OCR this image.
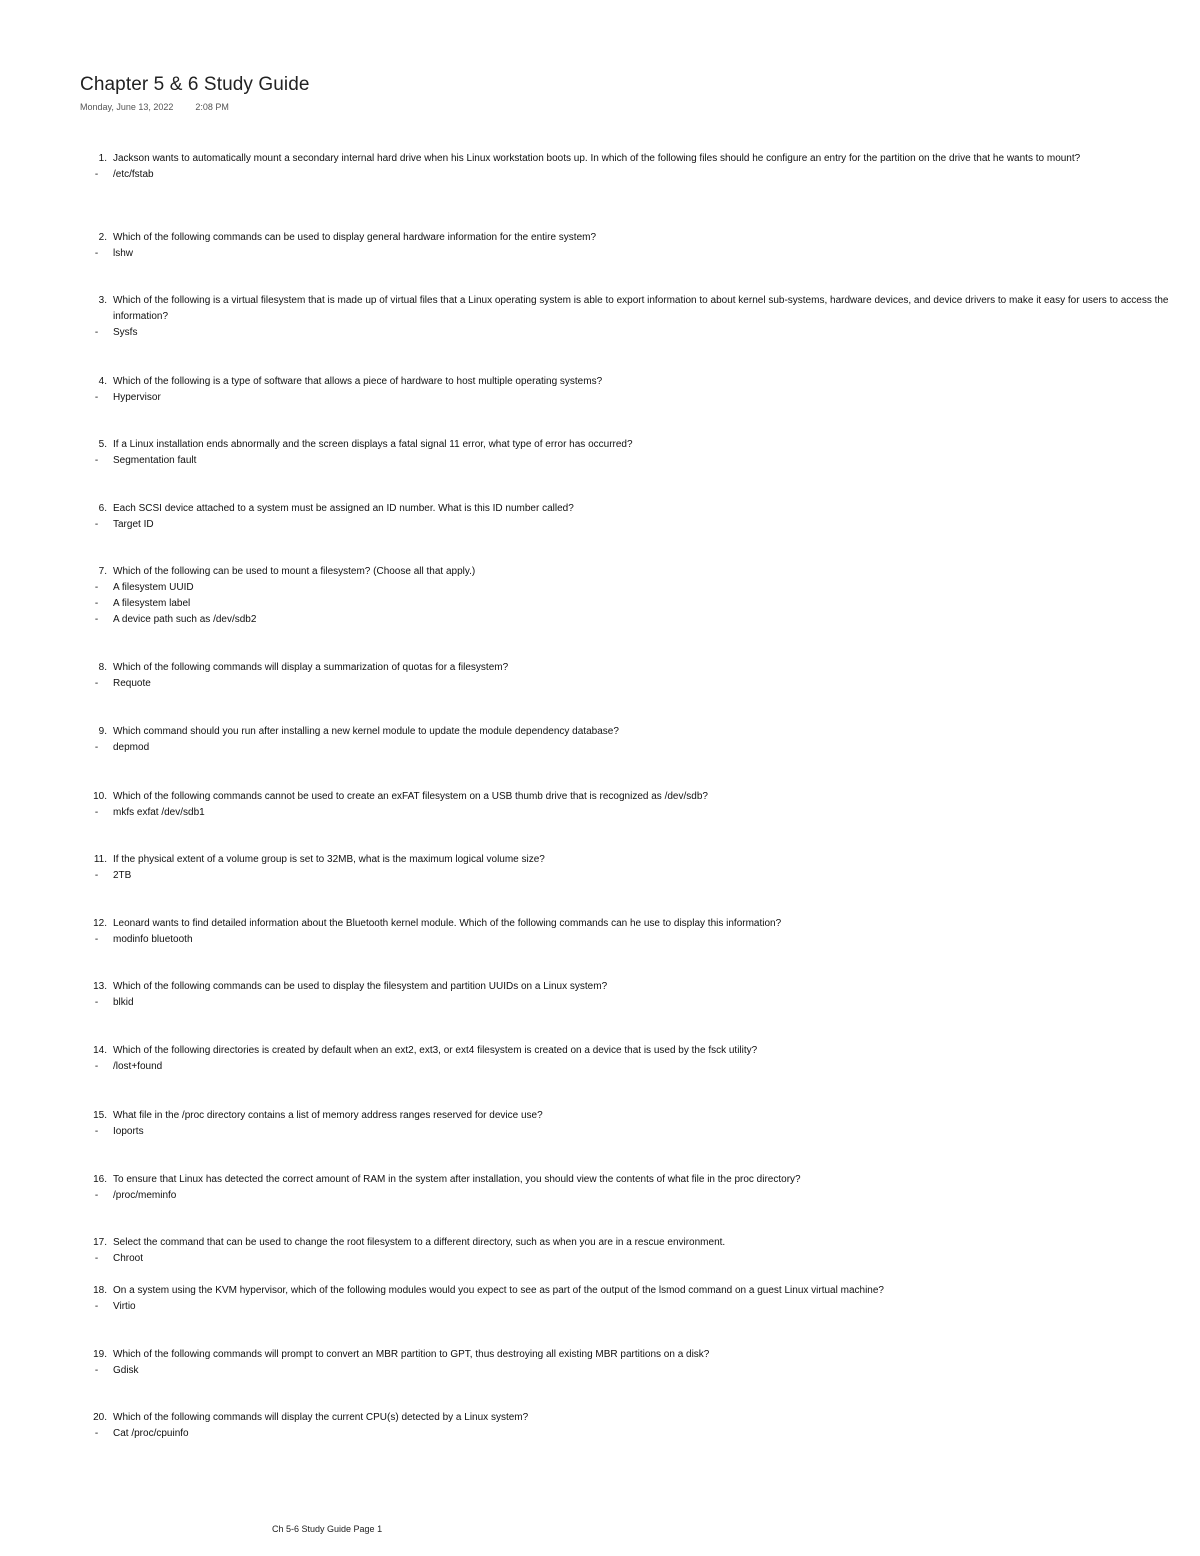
Chapter 5 & 6 Study Guide
Monday, June 13, 2022 2:08 PM
1. Jackson wants to automatically mount a secondary internal hard drive when his Linux workstation boots up. In which of the following files should he configure an entry for the partition on the drive that he wants to mount?
-	/etc/fstab
2. Which of the following commands can be used to display general hardware information for the entire system?
-	lshw
3. Which of the following is a virtual filesystem that is made up of virtual files that a Linux operating system is able to export information to about kernel sub-systems, hardware devices, and device drivers to make it easy for users to access the information?
-	Sysfs
4. Which of the following is a type of software that allows a piece of hardware to host multiple operating systems?
-	Hypervisor
5. If a Linux installation ends abnormally and the screen displays a fatal signal 11 error, what type of error has occurred?
-	Segmentation fault
6. Each SCSI device attached to a system must be assigned an ID number. What is this ID number called?
-	Target ID
7. Which of the following can be used to mount a filesystem? (Choose all that apply.)
-	A filesystem UUID
-	A filesystem label
-	A device path such as /dev/sdb2
8. Which of the following commands will display a summarization of quotas for a filesystem?
-	Requote
9. Which command should you run after installing a new kernel module to update the module dependency database?
-	depmod
10. Which of the following commands cannot be used to create an exFAT filesystem on a USB thumb drive that is recognized as /dev/sdb?
-	mkfs exfat /dev/sdb1
11. If the physical extent of a volume group is set to 32MB, what is the maximum logical volume size?
-	2TB
12. Leonard wants to find detailed information about the Bluetooth kernel module. Which of the following commands can he use to display this information?
-	modinfo bluetooth
13. Which of the following commands can be used to display the filesystem and partition UUIDs on a Linux system?
-	blkid
14. Which of the following directories is created by default when an ext2, ext3, or ext4 filesystem is created on a device that is used by the fsck utility?
-	/lost+found
15. What file in the /proc directory contains a list of memory address ranges reserved for device use?
-	Ioports
16. To ensure that Linux has detected the correct amount of RAM in the system after installation, you should view the contents of what file in the proc directory?
-	/proc/meminfo
17. Select the command that can be used to change the root filesystem to a different directory, such as when you are in a rescue environment.
-	Chroot
18. On a system using the KVM hypervisor, which of the following modules would you expect to see as part of the output of the lsmod command on a guest Linux virtual machine?
-	Virtio
19. Which of the following commands will prompt to convert an MBR partition to GPT, thus destroying all existing MBR partitions on a disk?
-	Gdisk
20. Which of the following commands will display the current CPU(s) detected by a Linux system?
-	Cat /proc/cpuinfo
Ch 5-6 Study Guide Page 1
